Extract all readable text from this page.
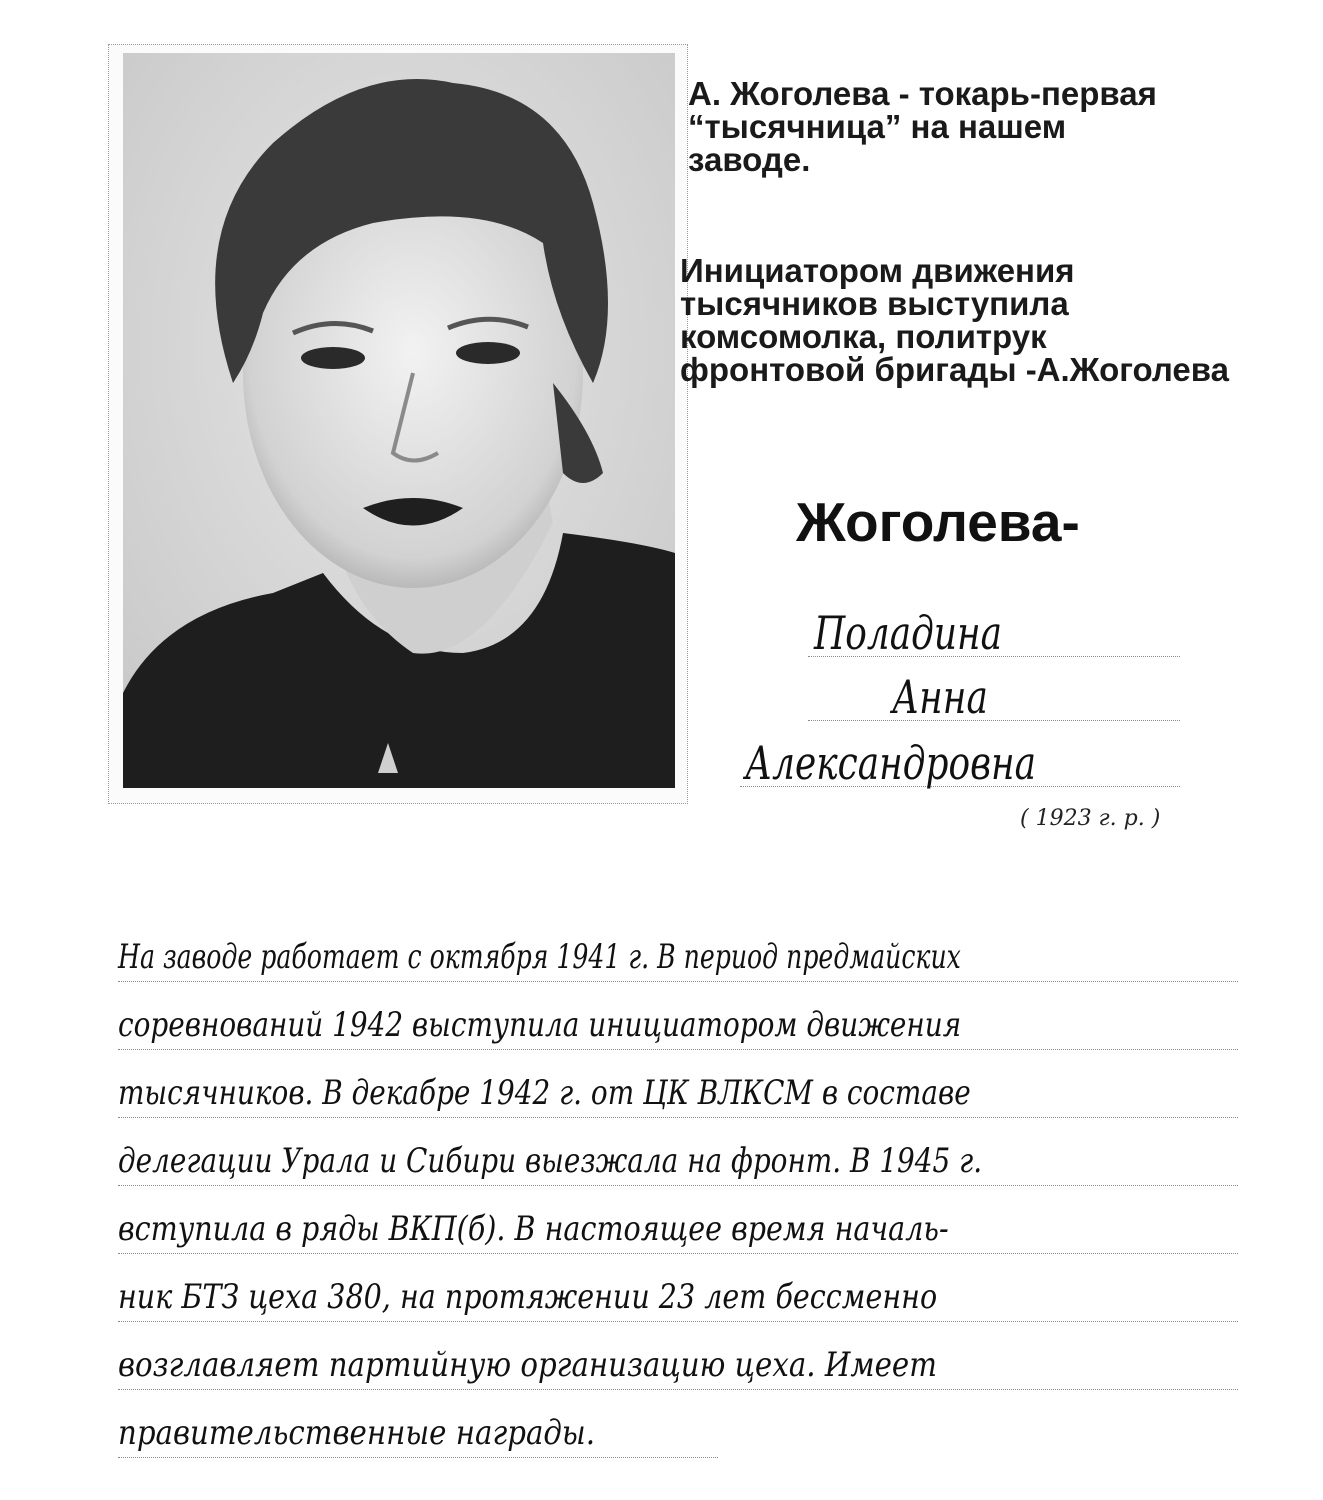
А. Жоголева - токарь-первая
“тысячница” на нашем
заводе.
Инициатором движения
тысячников выступила
комсомолка, политрук
фронтовой бригады -А.Жоголева
Жоголева-
Поладина
Анна
Александровна
( 1923 г. р. )
На заводе работает с октября 1941 г. В период предмайских
соревнований 1942 выступила инициатором движения
тысячников. В декабре 1942 г. от ЦК ВЛКСМ в составе
делегации Урала и Сибири выезжала на фронт. В 1945 г.
вступила в ряды ВКП(б). В настоящее время началь-
ник БТЗ цеха 380, на протяжении 23 лет бессменно
возглавляет партийную организацию цеха. Имеет
правительственные награды.
